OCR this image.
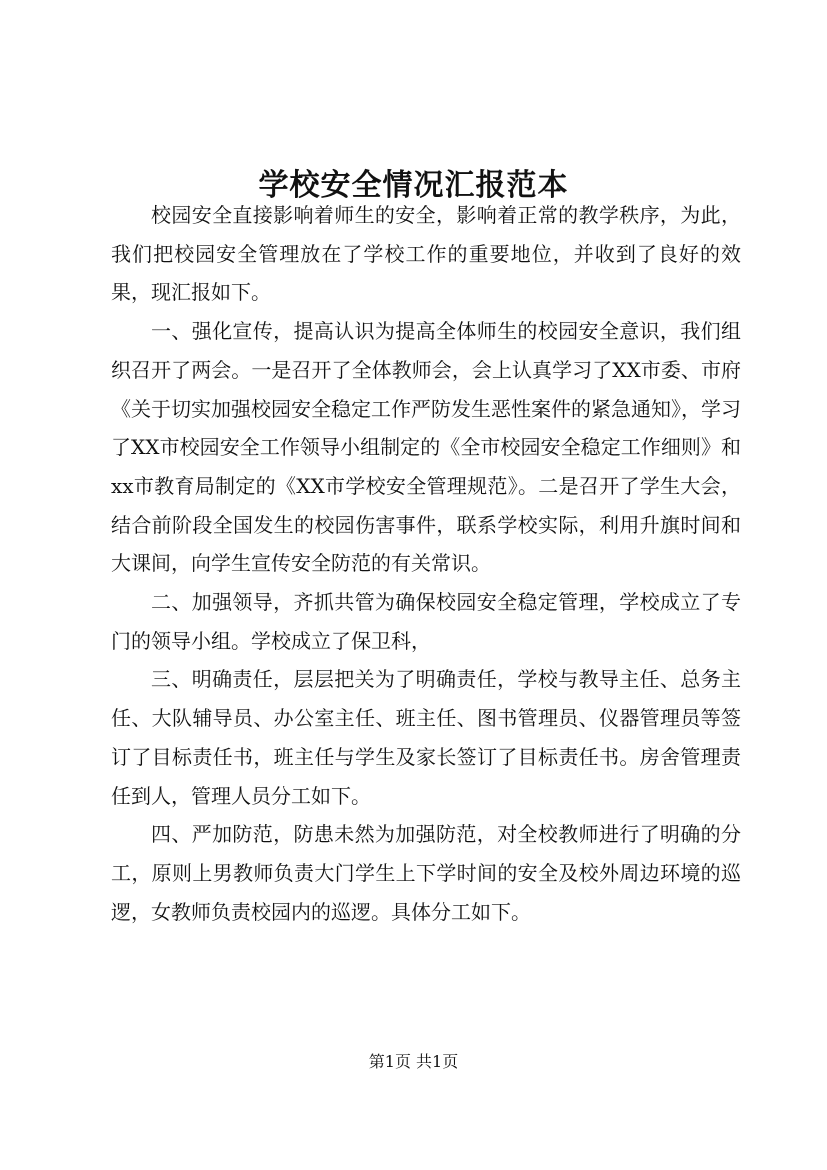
学校安全情况汇报范本

校园安全直接影响着师生的安全，影响着正常的教学秩序，为此，我们把校园安全管理放在了学校工作的重要地位，并收到了良好的效果，现汇报如下。

一、强化宣传，提高认识为提高全体师生的校园安全意识，我们组织召开了两会。一是召开了全体教师会，会上认真学习了XX市委、市府《关于切实加强校园安全稳定工作严防发生恶性案件的紧急通知》，学习了XX市校园安全工作领导小组制定的《全市校园安全稳定工作细则》和xx市教育局制定的《XX市学校安全管理规范》。二是召开了学生大会，结合前阶段全国发生的校园伤害事件，联系学校实际，利用升旗时间和大课间，向学生宣传安全防范的有关常识。

二、加强领导，齐抓共管为确保校园安全稳定管理，学校成立了专门的领导小组。学校成立了保卫科，

三、明确责任，层层把关为了明确责任，学校与教导主任、总务主任、大队辅导员、办公室主任、班主任、图书管理员、仪器管理员等签订了目标责任书，班主任与学生及家长签订了目标责任书。房舍管理责任到人，管理人员分工如下。

四、严加防范，防患未然为加强防范，对全校教师进行了明确的分工，原则上男教师负责大门学生上下学时间的安全及校外周边环境的巡逻，女教师负责校园内的巡逻。具体分工如下。

第1页 共1页
